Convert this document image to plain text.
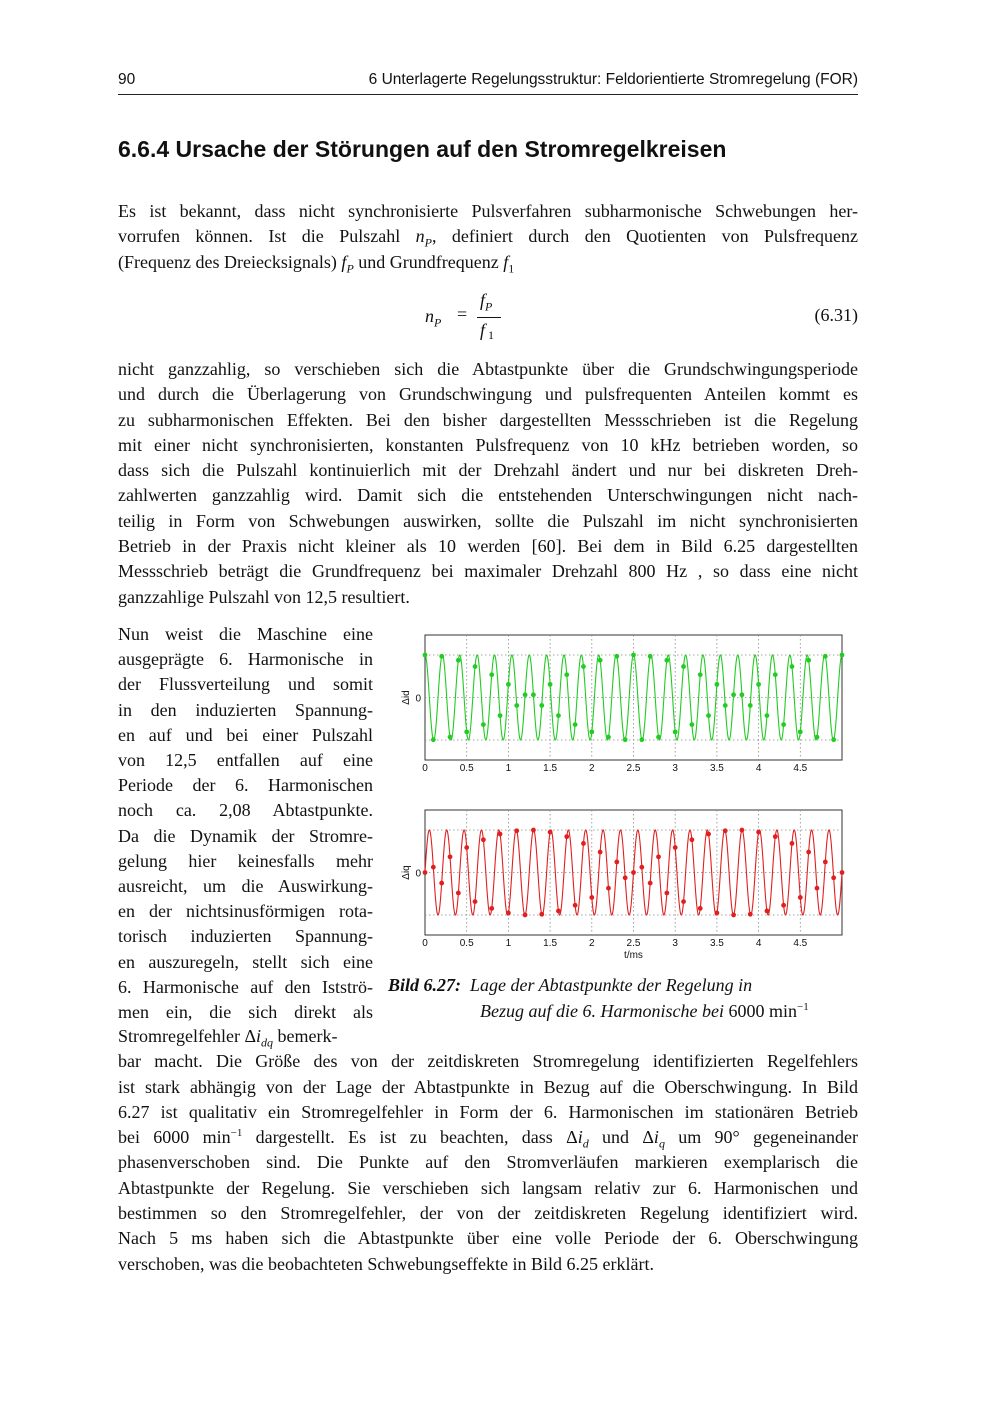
90	6 Unterlagerte Regelungsstruktur: Feldorientierte Stromregelung (FOR)
6.6.4 Ursache der Störungen auf den Stromregelkreisen
Es ist bekannt, dass nicht synchronisierte Pulsverfahren subharmonische Schwebungen her-
vorrufen können. Ist die Pulszahl $n_P$, definiert durch den Quotienten von Pulsfrequenz
(Frequenz des Dreiecksignals) $f_P$ und Grundfrequenz $f_1$
$n_P$ =
$f_P$
f 1
(6.31)
nicht ganzzahlig, so verschieben sich die Abtastpunkte über die Grundschwingungsperiode
und durch die Überlagerung von Grundschwingung und pulsfrequenten Anteilen kommt es
zu subharmonischen Effekten. Bei den bisher dargestellten Messschrieben ist die Regelung
mit einer nicht synchronisierten, konstanten Pulsfrequenz von 10 kHz betrieben worden, so
dass sich die Pulszahl kontinuierlich mit der Drehzahl ändert und nur bei diskreten Dreh-
zahlwerten ganzzahlig wird. Damit sich die entstehenden Unterschwingungen nicht nach-
teilig in Form von Schwebungen auswirken, sollte die Pulszahl im nicht synchronisierten
Betrieb in der Praxis nicht kleiner als 10 werden [60]. Bei dem in Bild 6.25 dargestellten
Messschrieb beträgt die Grundfrequenz bei maximaler Drehzahl 800 Hz , so dass eine nicht
ganzzahlige Pulszahl von 12,5 resultiert.
Nun weist die Maschine eine
ausgeprägte 6. Harmonische in
der Flussverteilung und somit
in den induzierten Spannung-
en auf und bei einer Pulszahl
von 12,5 entfallen auf eine
Periode der 6. Harmonischen
noch ca. 2,08 Abtastpunkte.
Da die Dynamik der Stromre-
gelung hier keinesfalls mehr
ausreicht, um die Auswirkung-
en der nichtsinusförmigen rota-
torisch induzierten Spannung-
en auszuregeln, stellt sich eine
6. Harmonische auf den Istströ-
men ein, die sich direkt als
0	0.5	1	1.5	2	2.5	3	3.5	4	4.5
0
Δid
0	0.5	1	1.5	2	2.5	3	3.5	4	4.5
0
Δiq
t/ms
Bild 6.27: Lage der Abtastpunkte der Regelung in
Bezug auf die 6. Harmonische bei 6000 $\min^{-1}$
Stromregelfehler $\Delta i_{dq}$ bemerk-
bar macht. Die Größe des von der zeitdiskreten Stromregelung identifizierten Regelfehlers
ist stark abhängig von der Lage der Abtastpunkte in Bezug auf die Oberschwingung. In Bild
6.27 ist qualitativ ein Stromregelfehler in Form der 6. Harmonischen im stationären Betrieb
bei 6000 $\min^{-1}$ dargestellt. Es ist zu beachten, dass $\Delta i_d$ und $\Delta i_q$ um 90° gegeneinander
phasenverschoben sind. Die Punkte auf den Stromverläufen markieren exemplarisch die
Abtastpunkte der Regelung. Sie verschieben sich langsam relativ zur 6. Harmonischen und
bestimmen so den Stromregelfehler, der von der zeitdiskreten Regelung identifiziert wird.
Nach 5 ms haben sich die Abtastpunkte über eine volle Periode der 6. Oberschwingung
verschoben, was die beobachteten Schwebungseffekte in Bild 6.25 erklärt.
